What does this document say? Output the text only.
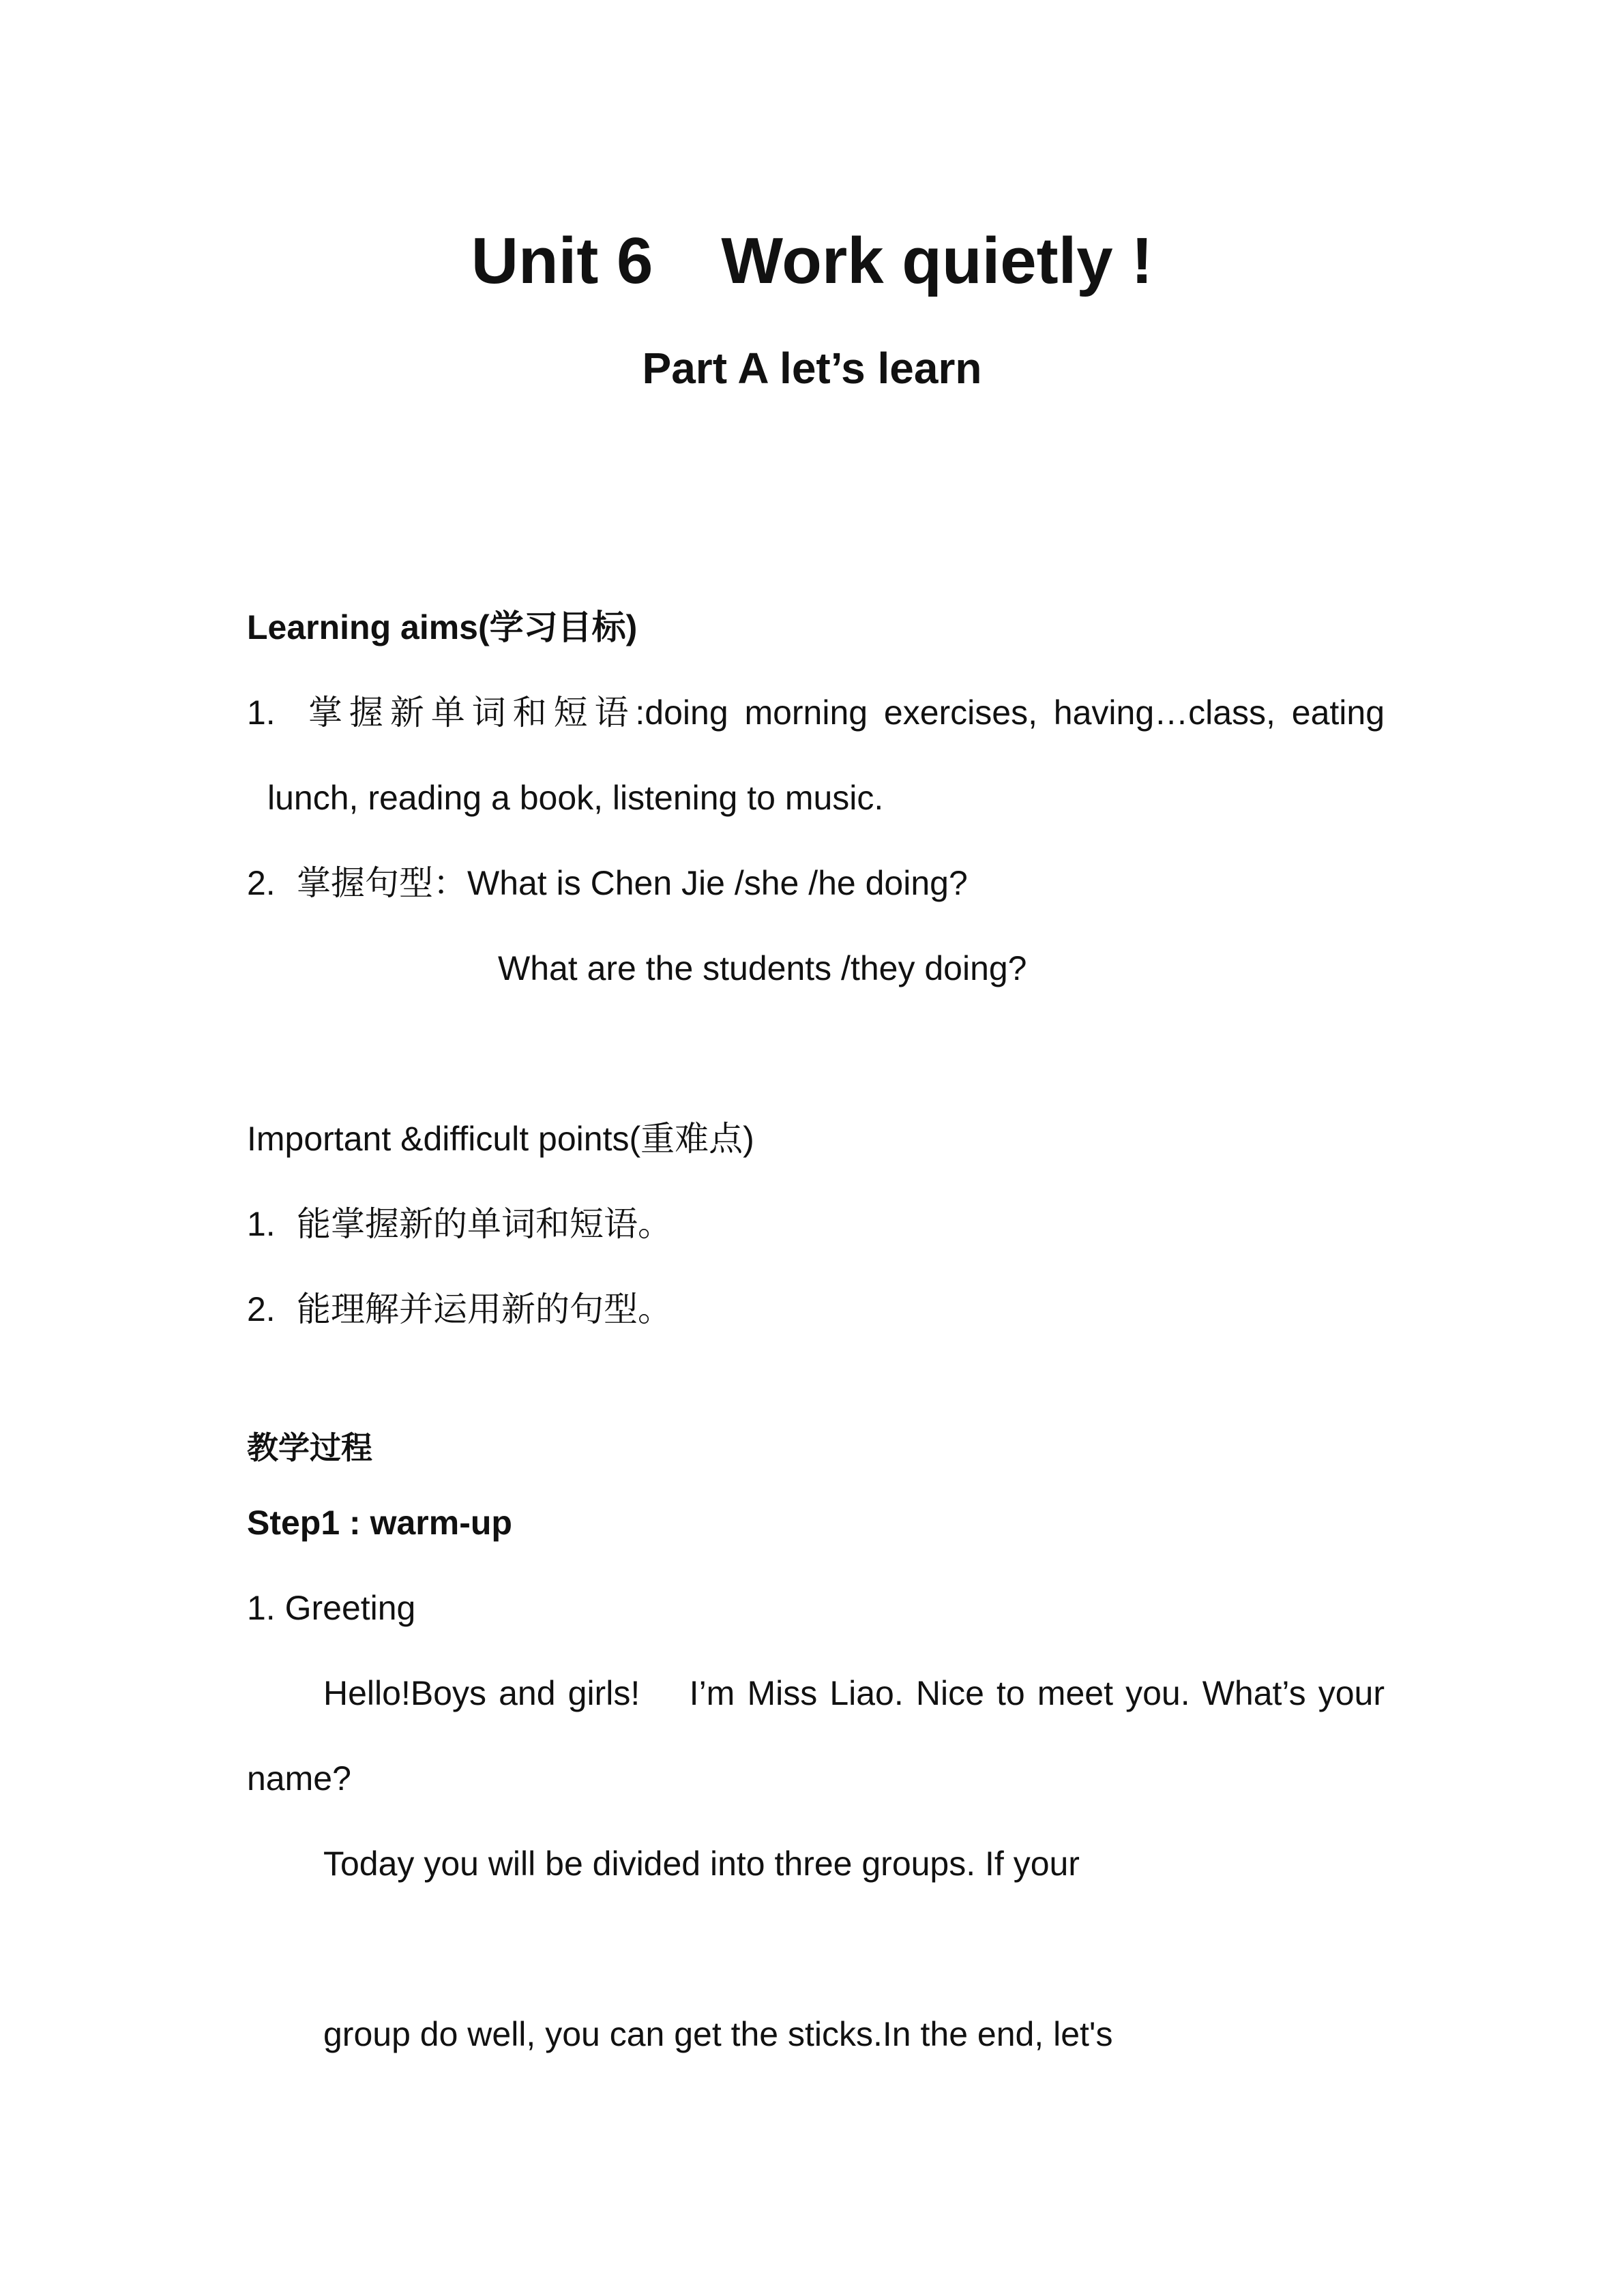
Unit 6 Work quietly !
Part A let’s learn
Learning aims(学习目标)
1. 掌握新单词和短语:doing morning exercises, having…class, eating
lunch, reading a book, listening to music.
2. 掌握句型：What is Chen Jie /she /he doing?
What are the students /they doing?
Important &difficult points(重难点)
1. 能掌握新的单词和短语。
2. 能理解并运用新的句型。
教学过程
Step1 : warm-up
1. Greeting
Hello!Boys and girls!    I’m Miss Liao. Nice to meet you. What’s your
name?
Today you will be divided into three groups. If your
group do well, you can get the sticks.In the end, let's
